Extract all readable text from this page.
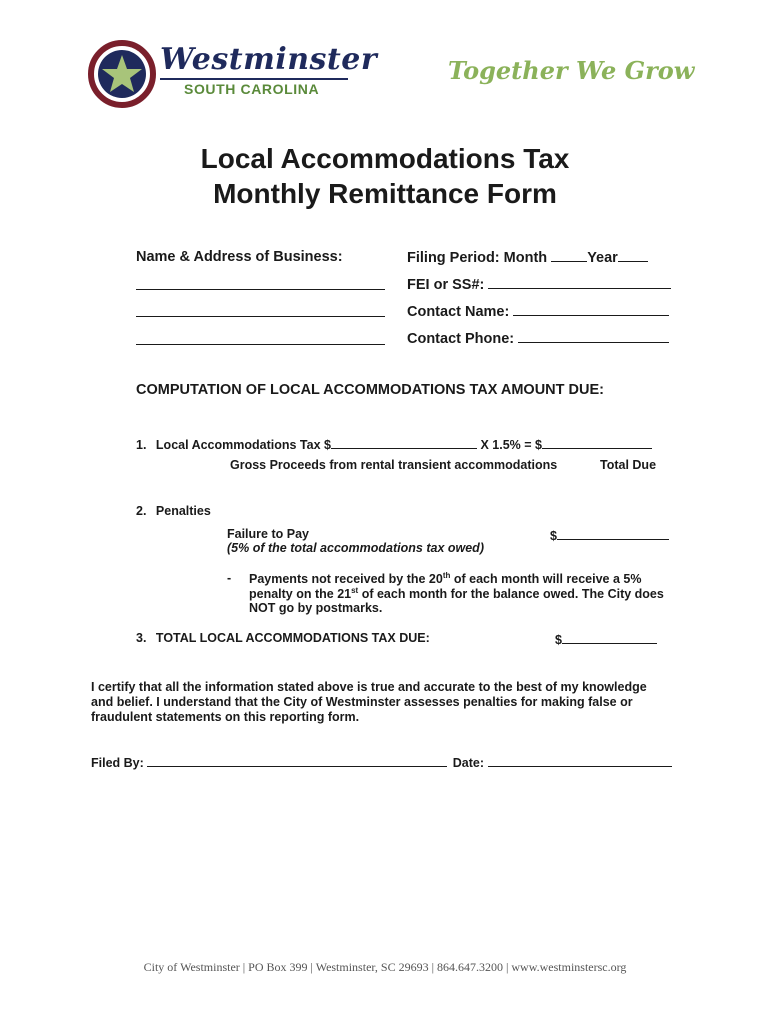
Westminster
SOUTH CAROLINA
Together We Grow
Local Accommodations Tax
Monthly Remittance Form
Name & Address of Business:	Filing Period: Month	Year
FEI or SS#:
Contact Name:
Contact Phone:
COMPUTATION OF LOCAL ACCOMMODATIONS TAX AMOUNT DUE:
1. Local Accommodations Tax $	X 1.5% = $
Gross Proceeds from rental transient accommodations	Total Due
2. Penalties
Failure to Pay
(5% of the total accommodations tax owed)
$
- Payments not received by the 20th of each month will receive a 5%
penalty on the 21st of each month for the balance owed. The City does
NOT go by postmarks.
3. TOTAL LOCAL ACCOMMODATIONS TAX DUE:	$
I certify that all the information stated above is true and accurate to the best of my knowledge
and belief. I understand that the City of Westminster assesses penalties for making false or
fraudulent statements on this reporting form.
Filed By:	Date:
City of Westminster | PO Box 399 | Westminster, SC 29693 | 864.647.3200 | www.westminstersc.org
